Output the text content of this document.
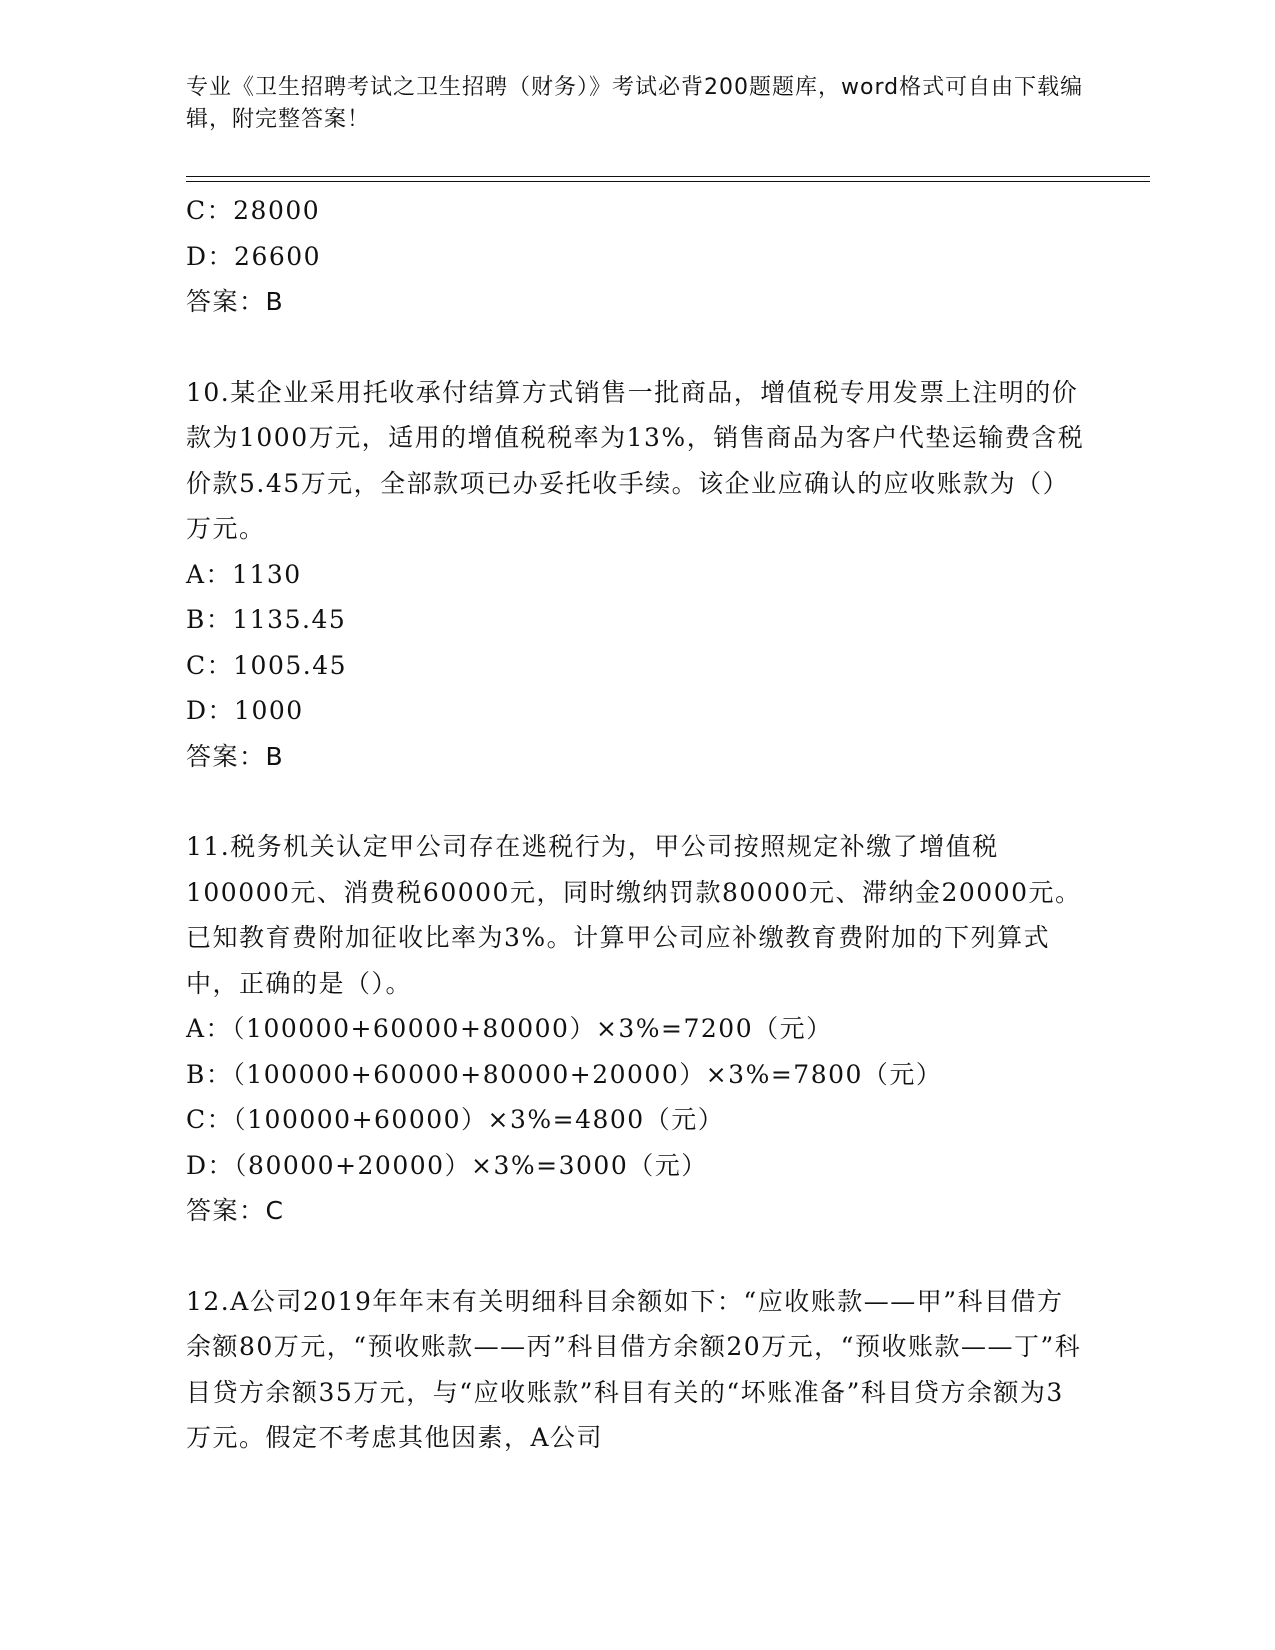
专业《卫生招聘考试之卫生招聘（财务）》考试必背200题题库，word格式可自由下载编辑，附完整答案！
C：28000
D：26600
答案：B
10.某企业采用托收承付结算方式销售一批商品，增值税专用发票上注明的价款为1000万元，适用的增值税税率为13%，销售商品为客户代垫运输费含税价款5.45万元，全部款项已办妥托收手续。该企业应确认的应收账款为（）万元。
A：1130
B：1135.45
C：1005.45
D：1000
答案：B
11.税务机关认定甲公司存在逃税行为，甲公司按照规定补缴了增值税100000元、消费税60000元，同时缴纳罚款80000元、滞纳金20000元。已知教育费附加征收比率为3%。计算甲公司应补缴教育费附加的下列算式中，正确的是（）。
A：（100000+60000+80000）×3%=7200（元）
B：（100000+60000+80000+20000）×3%=7800（元）
C：（100000+60000）×3%=4800（元）
D：（80000+20000）×3%=3000（元）
答案：C
12.A公司2019年年末有关明细科目余额如下：“应收账款——甲”科目借方余额80万元，“预收账款——丙”科目借方余额20万元，“预收账款——丁”科目贷方余额35万元，与“应收账款”科目有关的“坏账准备”科目贷方余额为3万元。假定不考虑其他因素，A公司
